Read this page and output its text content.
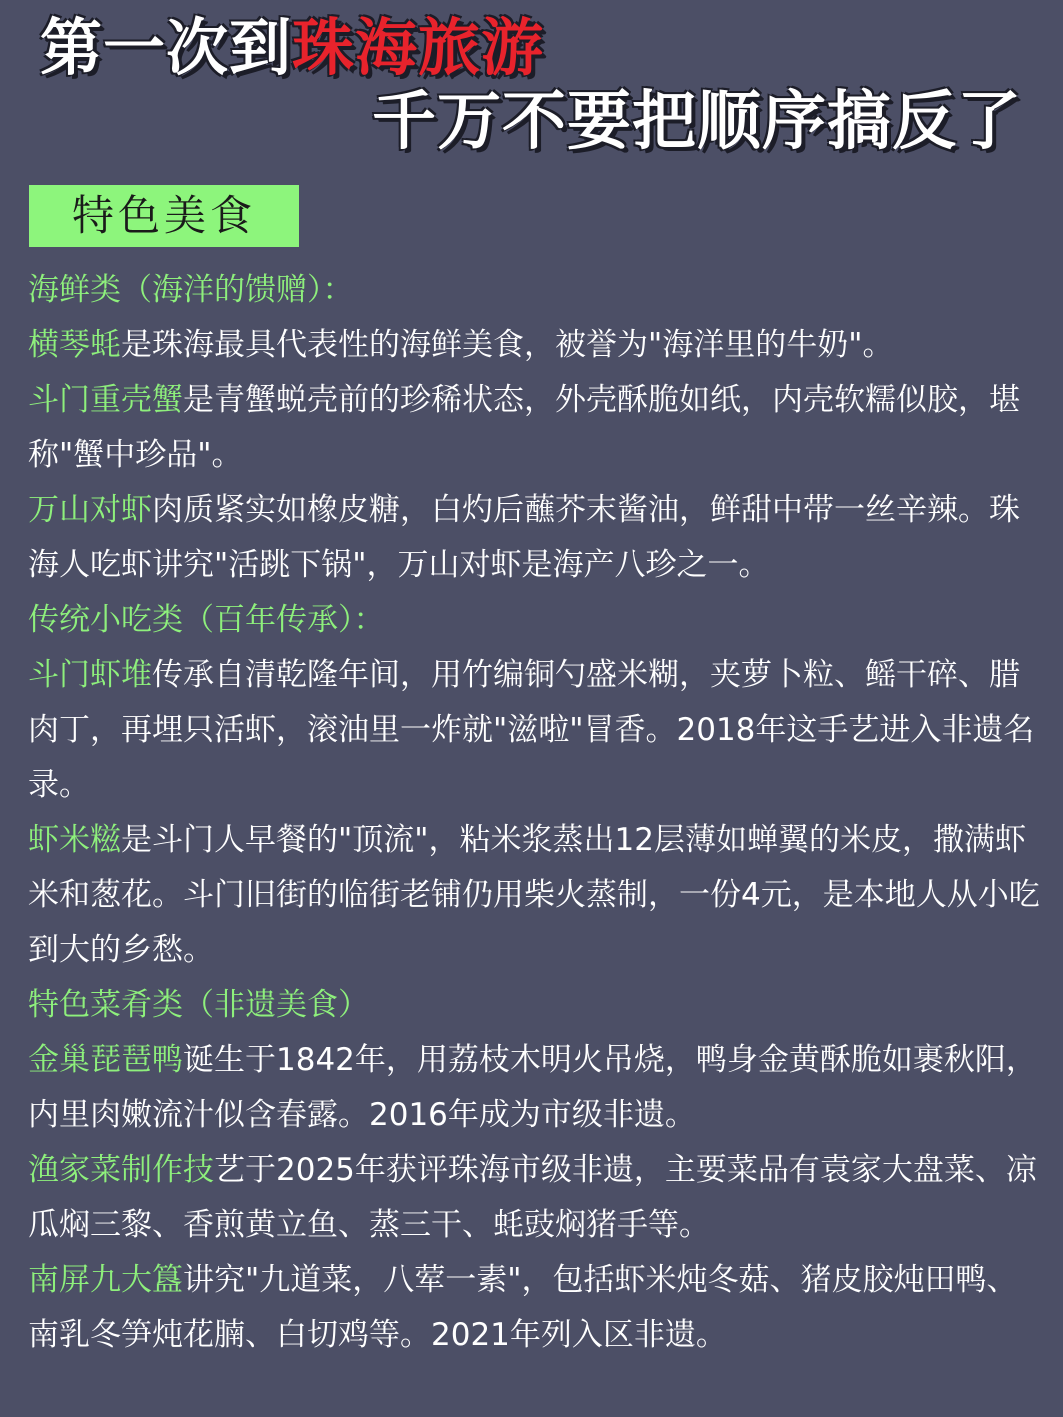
第一次到珠海旅游
千万不要把顺序搞反了
特色美食

海鲜类（海洋的馈赠）：

横琴蚝是珠海最具代表性的海鲜美食，被誉为"海洋里的牛奶"。

斗门重壳蟹是青蟹蜕壳前的珍稀状态，外壳酥脆如纸，内壳软糯似胶，堪称"蟹中珍品"。

万山对虾肉质紧实如橡皮糖，白灼后蘸芥末酱油，鲜甜中带一丝辛辣。珠海人吃虾讲究"活跳下锅"，万山对虾是海产八珍之一。

传统小吃类（百年传承）：

斗门虾堆传承自清乾隆年间，用竹编铜勺盛米糊，夹萝卜粒、鳐干碎、腊肉丁，再埋只活虾，滚油里一炸就"滋啦"冒香。2018年这手艺进入非遗名录。

虾米糍是斗门人早餐的"顶流"，粘米浆蒸出12层薄如蝉翼的米皮，撒满虾米和葱花。斗门旧街的临街老铺仍用柴火蒸制，一份4元，是本地人从小吃到大的乡愁。

特色菜肴类（非遗美食）

金巢琵琶鸭诞生于1842年，用荔枝木明火吊烧，鸭身金黄酥脆如裹秋阳，内里肉嫩流汁似含春露。2016年成为市级非遗。

渔家菜制作技艺于2025年获评珠海市级非遗，主要菜品有袁家大盘菜、凉瓜焖三黎、香煎黄立鱼、蒸三干、蚝豉焖猪手等。

南屏九大簋讲究"九道菜，八荤一素"，包括虾米炖冬菇、猪皮胶炖田鸭、南乳冬笋炖花腩、白切鸡等。2021年列入区非遗。
